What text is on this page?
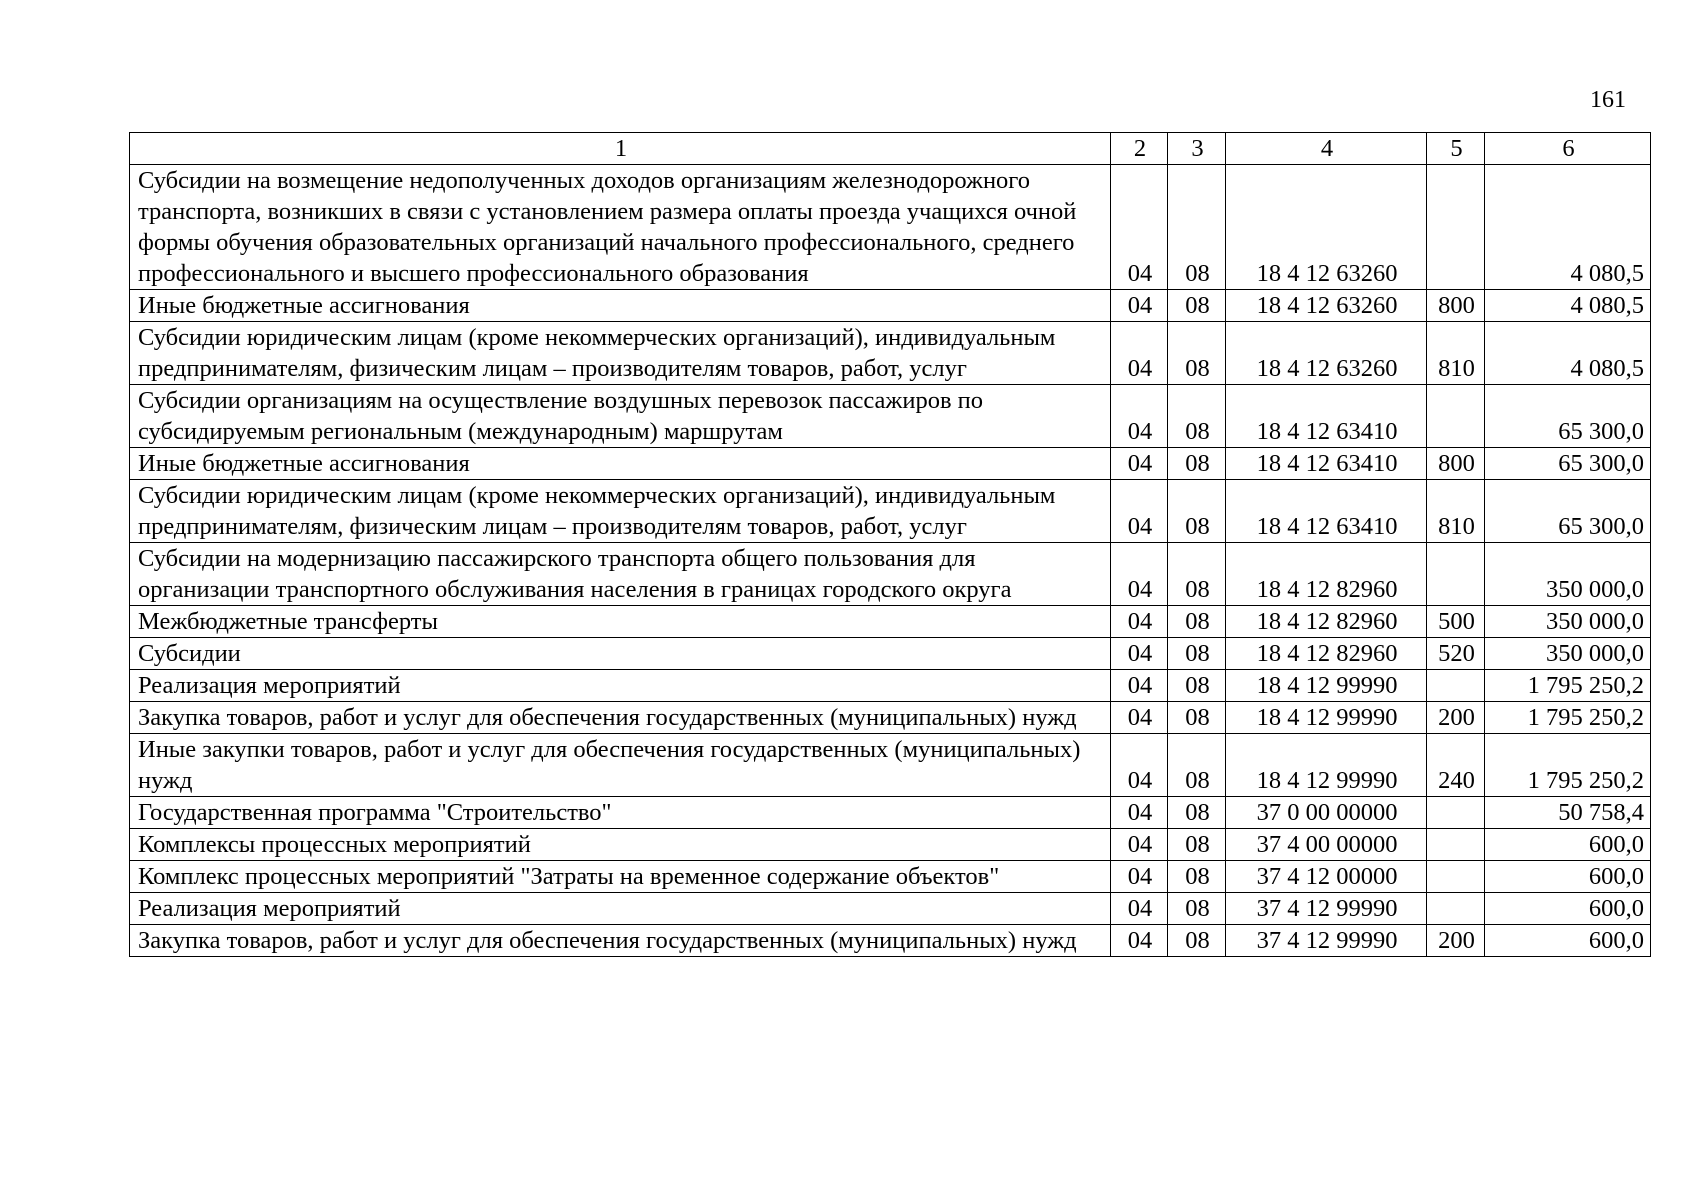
161
1	2	3	4	5	6
Субсидии на возмещение недополученных доходов организациям железнодорожного транспорта, возникших в связи с установлением размера оплаты проезда учащихся очной формы обучения образовательных организаций начального профессионального, среднего профессионального и высшего профессионального образования	04	08	18 4 12 63260		4 080,5
Иные бюджетные ассигнования	04	08	18 4 12 63260	800	4 080,5
Субсидии юридическим лицам (кроме некоммерческих организаций), индивидуальным предпринимателям, физическим лицам – производителям товаров, работ, услуг	04	08	18 4 12 63260	810	4 080,5
Субсидии организациям на осуществление воздушных перевозок пассажиров по субсидируемым региональным (международным) маршрутам	04	08	18 4 12 63410		65 300,0
Иные бюджетные ассигнования	04	08	18 4 12 63410	800	65 300,0
Субсидии юридическим лицам (кроме некоммерческих организаций), индивидуальным предпринимателям, физическим лицам – производителям товаров, работ, услуг	04	08	18 4 12 63410	810	65 300,0
Субсидии на модернизацию пассажирского транспорта общего пользования для организации транспортного обслуживания населения в границах городского округа	04	08	18 4 12 82960		350 000,0
Межбюджетные трансферты	04	08	18 4 12 82960	500	350 000,0
Субсидии	04	08	18 4 12 82960	520	350 000,0
Реализация мероприятий	04	08	18 4 12 99990		1 795 250,2
Закупка товаров, работ и услуг для обеспечения государственных (муниципальных) нужд	04	08	18 4 12 99990	200	1 795 250,2
Иные закупки товаров, работ и услуг для обеспечения государственных (муниципальных) нужд	04	08	18 4 12 99990	240	1 795 250,2
Государственная программа "Строительство"	04	08	37 0 00 00000		50 758,4
Комплексы процессных мероприятий	04	08	37 4 00 00000		600,0
Комплекс процессных мероприятий "Затраты на временное содержание объектов"	04	08	37 4 12 00000		600,0
Реализация мероприятий	04	08	37 4 12 99990		600,0
Закупка товаров, работ и услуг для обеспечения государственных (муниципальных) нужд	04	08	37 4 12 99990	200	600,0
